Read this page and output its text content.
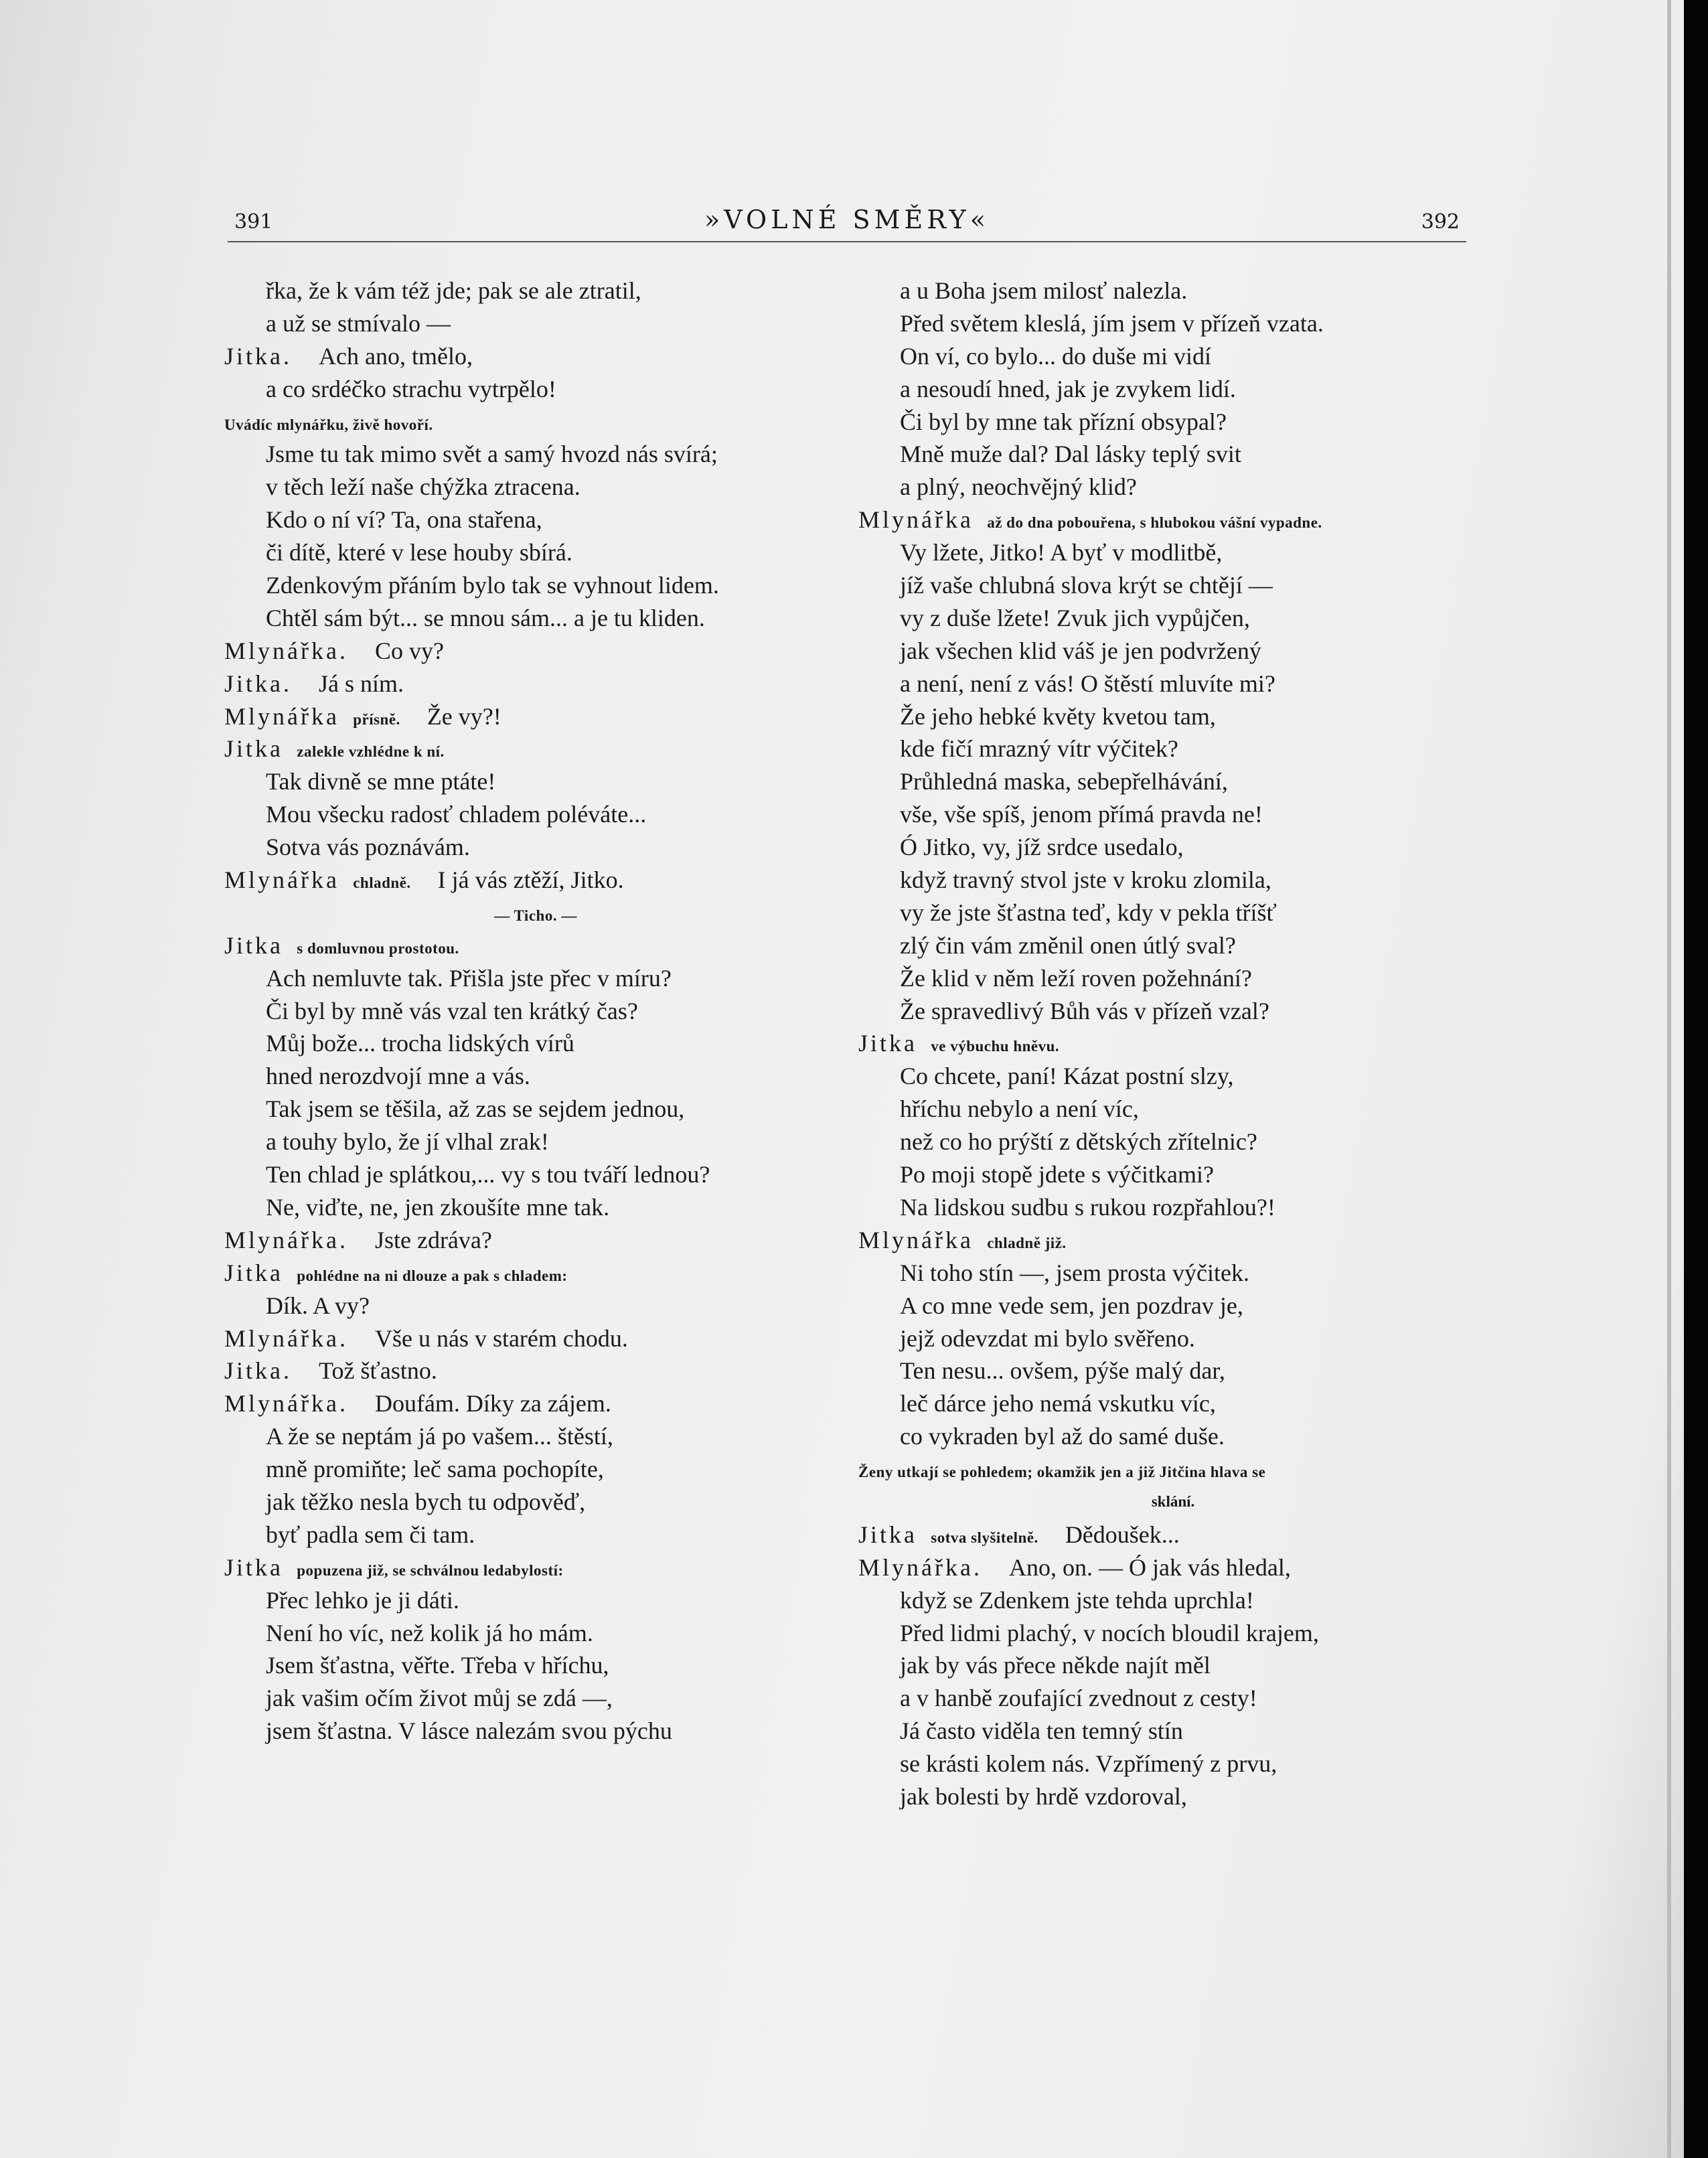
391	»VOLNÉ SMĚRY«	392
řka, že k vám též jde; pak se ale ztratil,
a už se stmívalo —
Jitka. Ach ano, tmělo,
a co srdéčko strachu vytrpělo!
Uvádíc mlynářku, živě hovoří.
Jsme tu tak mimo svět a samý hvozd nás svírá;
v těch leží naše chýžka ztracena.
Kdo o ní ví? Ta, ona stařena,
či dítě, které v lese houby sbírá.
Zdenkovým přáním bylo tak se vyhnout lidem.
Chtěl sám být... se mnou sám... a je tu kliden.
Mlynářka. Co vy?
Jitka. Já s ním.
Mlynářka přísně. Že vy?!
Jitka zalekle vzhlédne k ní.
Tak divně se mne ptáte!
Mou všecku radosť chladem poléváte...
Sotva vás poznávám.
Mlynářka chladně. I já vás ztěží, Jitko.
— Ticho. —
Jitka s domluvnou prostotou.
Ach nemluvte tak. Přišla jste přec v míru?
Či byl by mně vás vzal ten krátký čas?
Můj bože... trocha lidských vírů
hned nerozdvojí mne a vás.
Tak jsem se těšila, až zas se sejdem jednou,
a touhy bylo, že jí vlhal zrak!
Ten chlad je splátkou,... vy s tou tváří lednou?
Ne, viďte, ne, jen zkoušíte mne tak.
Mlynářka. Jste zdráva?
Jitka pohlédne na ni dlouze a pak s chladem:
Dík. A vy?
Mlynářka. Vše u nás v starém chodu.
Jitka. Tož šťastno.
Mlynářka. Doufám. Díky za zájem.
A že se neptám já po vašem... štěstí,
mně promiňte; leč sama pochopíte,
jak těžko nesla bych tu odpověď,
byť padla sem či tam.
Jitka popuzena již, se schválnou ledabylostí:
Přec lehko je ji dáti.
Není ho víc, než kolik já ho mám.
Jsem šťastna, věřte. Třeba v hříchu,
jak vašim očím život můj se zdá —,
jsem šťastna. V lásce nalezám svou pýchu
a u Boha jsem milosť nalezla.
Před světem kleslá, jím jsem v přízeň vzata.
On ví, co bylo... do duše mi vidí
a nesoudí hned, jak je zvykem lidí.
Či byl by mne tak přízní obsypal?
Mně muže dal? Dal lásky teplý svit
a plný, neochvějný klid?
Mlynářka až do dna pobouřena, s hlubokou vášní vypadne.
Vy lžete, Jitko! A byť v modlitbě,
jíž vaše chlubná slova krýt se chtějí —
vy z duše lžete! Zvuk jich vypůjčen,
jak všechen klid váš je jen podvržený
a není, není z vás! O štěstí mluvíte mi?
Že jeho hebké květy kvetou tam,
kde fičí mrazný vítr výčitek?
Průhledná maska, sebepřelhávání,
vše, vše spíš, jenom přímá pravda ne!
Ó Jitko, vy, jíž srdce usedalo,
když travný stvol jste v kroku zlomila,
vy že jste šťastna teď, kdy v pekla tříšť
zlý čin vám změnil onen útlý sval?
Že klid v něm leží roven požehnání?
Že spravedlivý Bůh vás v přízeň vzal?
Jitka ve výbuchu hněvu.
Co chcete, paní! Kázat postní slzy,
hříchu nebylo a není víc,
než co ho prýští z dětských zřítelnic?
Po moji stopě jdete s výčitkami?
Na lidskou sudbu s rukou rozpřahlou?!
Mlynářka chladně již.
Ni toho stín —, jsem prosta výčitek.
A co mne vede sem, jen pozdrav je,
jejž odevzdat mi bylo svěřeno.
Ten nesu... ovšem, pýše malý dar,
leč dárce jeho nemá vskutku víc,
co vykraden byl až do samé duše.
Ženy utkají se pohledem; okamžik jen a již Jitčina hlava se
sklání.
Jitka sotva slyšitelně. Dědoušek...
Mlynářka. Ano, on. — Ó jak vás hledal,
když se Zdenkem jste tehda uprchla!
Před lidmi plachý, v nocích bloudil krajem,
jak by vás přece někde najít měl
a v hanbě zoufající zvednout z cesty!
Já často viděla ten temný stín
se krásti kolem nás. Vzpřímený z prvu,
jak bolesti by hrdě vzdoroval,
